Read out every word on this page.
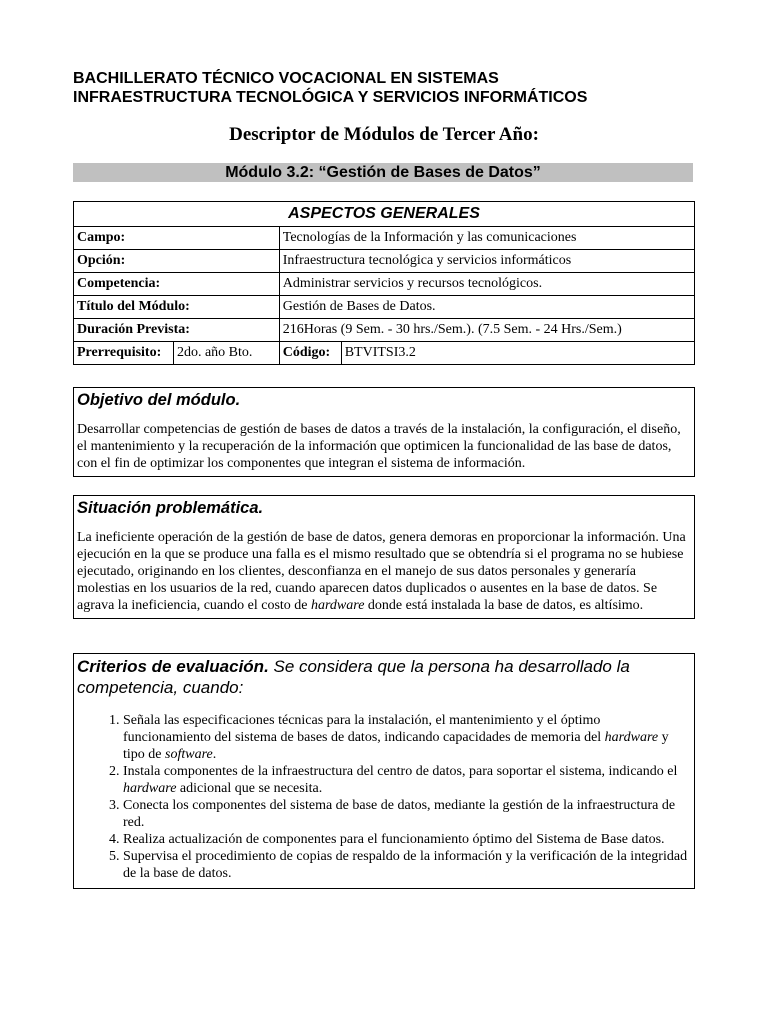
BACHILLERATO TÉCNICO VOCACIONAL EN SISTEMAS
INFRAESTRUCTURA TECNOLÓGICA Y SERVICIOS INFORMÁTICOS
Descriptor de Módulos de Tercer Año:
Módulo 3.2: “Gestión de Bases de Datos”
ASPECTOS GENERALES			
Campo:		Tecnologías de la Información y las comunicaciones	
Opción:		Infraestructura tecnológica y servicios informáticos	
Competencia:		Administrar servicios y recursos tecnológicos.	
Título del Módulo:		Gestión de Bases de Datos.	
Duración Prevista:		216Horas (9 Sem. - 30 hrs./Sem.). (7.5 Sem. - 24 Hrs./Sem.)	
Prerrequisito:	2do. año Bto.	Código:	BTVITSI3.2
Objetivo del módulo.

Desarrollar competencias de gestión de bases de datos a través de la instalación, la configuración, el diseño, el mantenimiento y la recuperación de la información que optimicen la funcionalidad de las base de datos, con el fin de optimizar los componentes que integran el sistema de información.

Situación problemática.

La ineficiente operación de la gestión de base de datos, genera demoras en proporcionar la información. Una ejecución en la que se produce una falla es el mismo resultado que se obtendría si el programa no se hubiese ejecutado, originando en los clientes, desconfianza en el manejo de sus datos personales y generaría molestias en los usuarios de la red, cuando aparecen datos duplicados o ausentes en la base de datos. Se agrava la ineficiencia, cuando el costo de hardware donde está instalada la base de datos, es altísimo.

Criterios de evaluación. Se considera que la persona ha desarrollado la competencia, cuando:
1. Señala las especificaciones técnicas para la instalación, el mantenimiento y el óptimo funcionamiento del sistema de bases de datos, indicando capacidades de memoria del hardware y tipo de software.
2. Instala componentes de la infraestructura del centro de datos, para soportar el sistema, indicando el hardware adicional que se necesita.
3. Conecta los componentes del sistema de base de datos, mediante la gestión de la infraestructura de red.
4. Realiza actualización de componentes para el funcionamiento óptimo del Sistema de Base datos.
5. Supervisa el procedimiento de copias de respaldo de la información y la verificación de la integridad de la base de datos.
